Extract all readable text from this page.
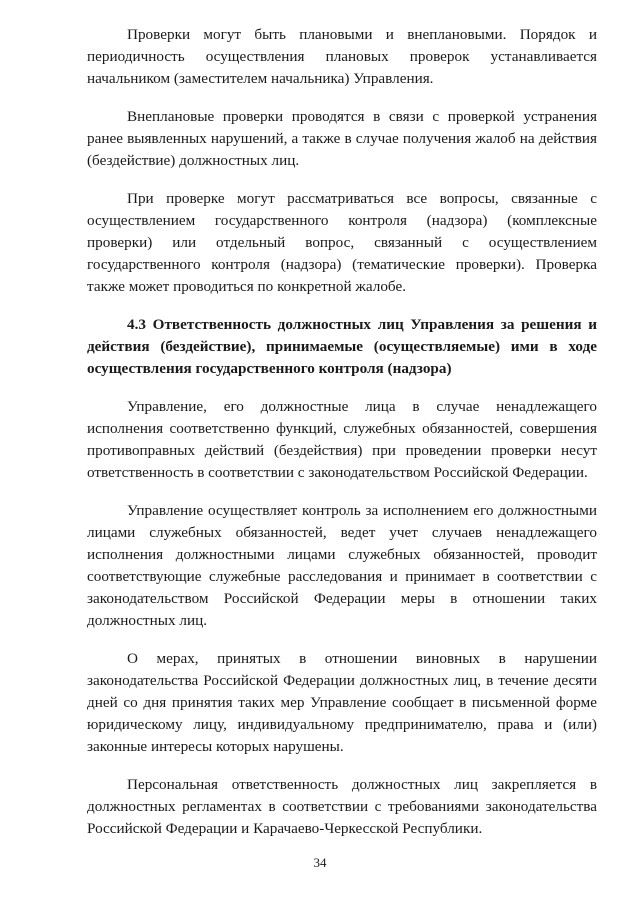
Проверки могут быть плановыми и внеплановыми. Порядок и периодичность осуществления плановых проверок устанавливается начальником (заместителем начальника) Управления.

Внеплановые проверки проводятся в связи с проверкой устранения ранее выявленных нарушений, а также в случае получения жалоб на действия (бездействие) должностных лиц.

При проверке могут рассматриваться все вопросы, связанные с осуществлением государственного контроля (надзора) (комплексные проверки) или отдельный вопрос, связанный с осуществлением государственного контроля (надзора) (тематические проверки). Проверка также может проводиться по конкретной жалобе.

4.3 Ответственность должностных лиц Управления за решения и действия (бездействие), принимаемые (осуществляемые) ими в ходе осуществления государственного контроля (надзора)

Управление, его должностные лица в случае ненадлежащего исполнения соответственно функций, служебных обязанностей, совершения противоправных действий (бездействия) при проведении проверки несут ответственность в соответствии с законодательством Российской Федерации.

Управление осуществляет контроль за исполнением его должностными лицами служебных обязанностей, ведет учет случаев ненадлежащего исполнения должностными лицами служебных обязанностей, проводит соответствующие служебные расследования и принимает в соответствии с законодательством Российской Федерации меры в отношении таких должностных лиц.

О мерах, принятых в отношении виновных в нарушении законодательства Российской Федерации должностных лиц, в течение десяти дней со дня принятия таких мер Управление сообщает в письменной форме юридическому лицу, индивидуальному предпринимателю, права и (или) законные интересы которых нарушены.

Персональная ответственность должностных лиц закрепляется в должностных регламентах в соответствии с требованиями законодательства Российской Федерации и Карачаево-Черкесской Республики.

34
